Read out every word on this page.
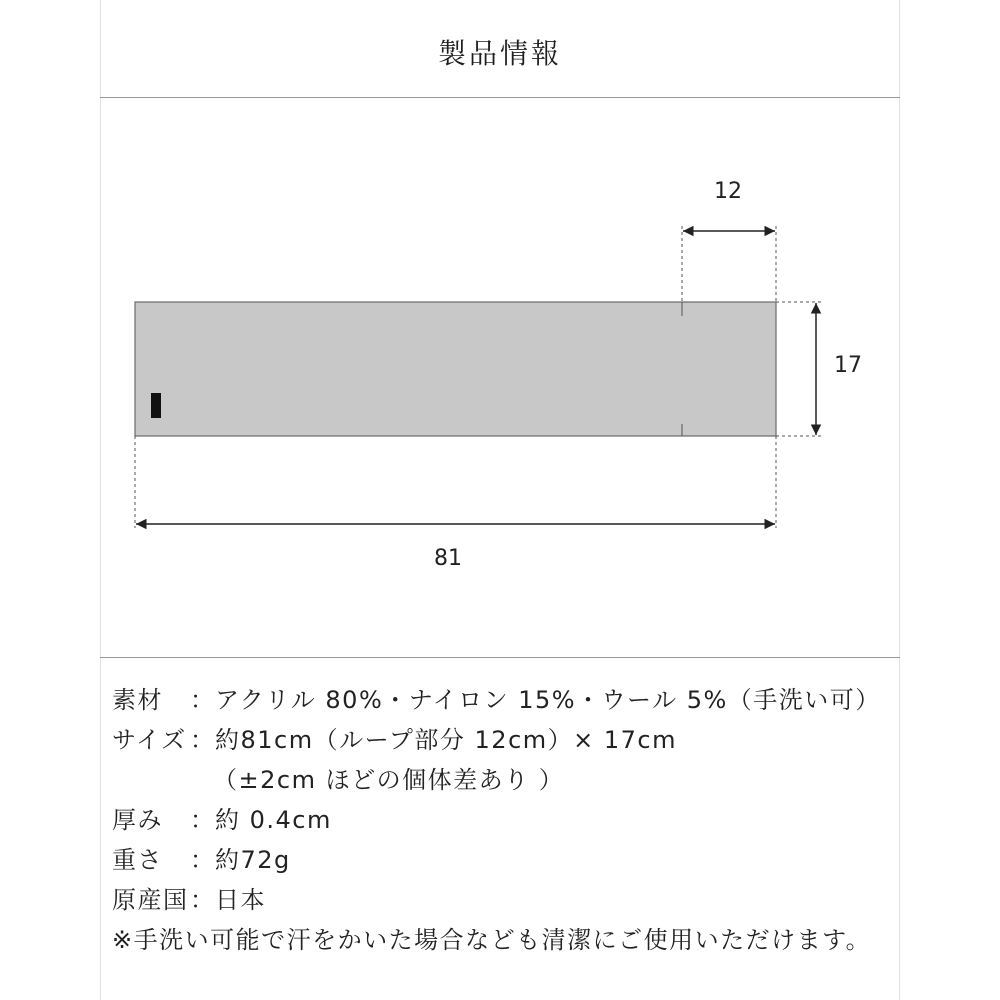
製品情報
12
17
81
素材 ：アクリル 80%・ナイロン 15%・ウール 5%（手洗い可）
サイズ ：約81cm（ループ部分 12cm）× 17cm
（±2cm ほどの個体差あり ）
厚み ：約 0.4cm
重さ ：約72g
原産国：日本
※手洗い可能で汗をかいた場合なども清潔にご使用いただけます。
